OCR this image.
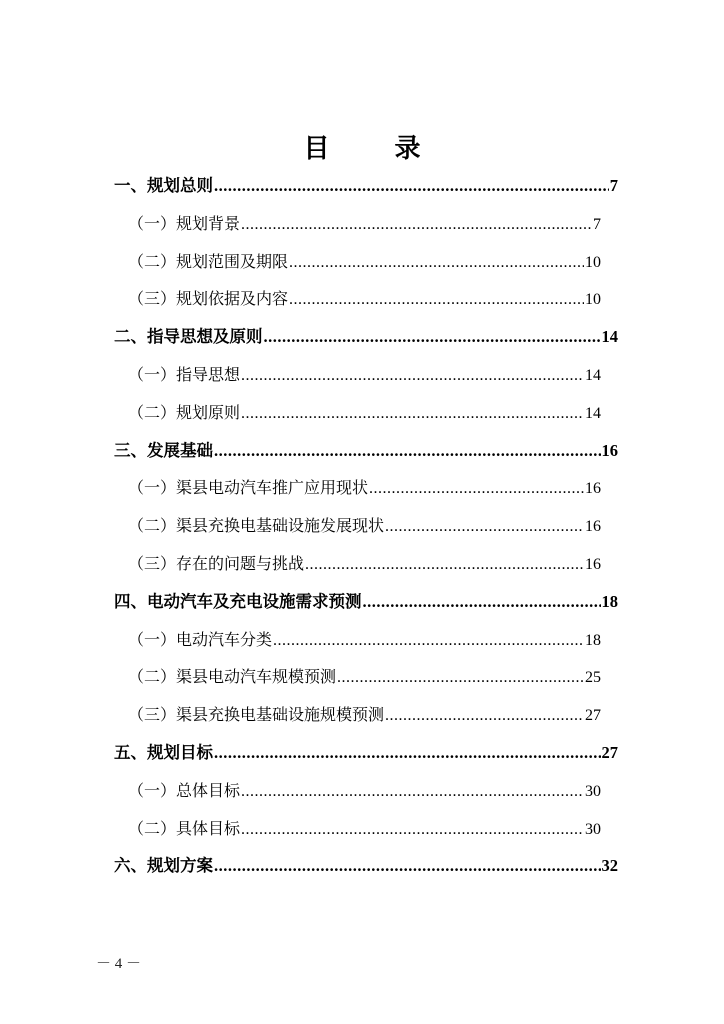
目 录
一、规划总则 .....	7
（一）规划背景 .....	7
（二）规划范围及期限 .....	10
（三）规划依据及内容 .....	10
二、指导思想及原则 .....	14
（一）指导思想 .....	14
（二）规划原则 .....	14
三、发展基础 .....	16
（一）渠县电动汽车推广应用现状 .....	16
（二）渠县充换电基础设施发展现状 .....	16
（三）存在的问题与挑战 .....	16
四、电动汽车及充电设施需求预测 .....	18
（一）电动汽车分类 .....	18
（二）渠县电动汽车规模预测 .....	25
（三）渠县充换电基础设施规模预测 .....	27
五、规划目标 .....	27
（一）总体目标 .....	30
（二）具体目标 .....	30
六、规划方案 .....	32
－ 4 －
